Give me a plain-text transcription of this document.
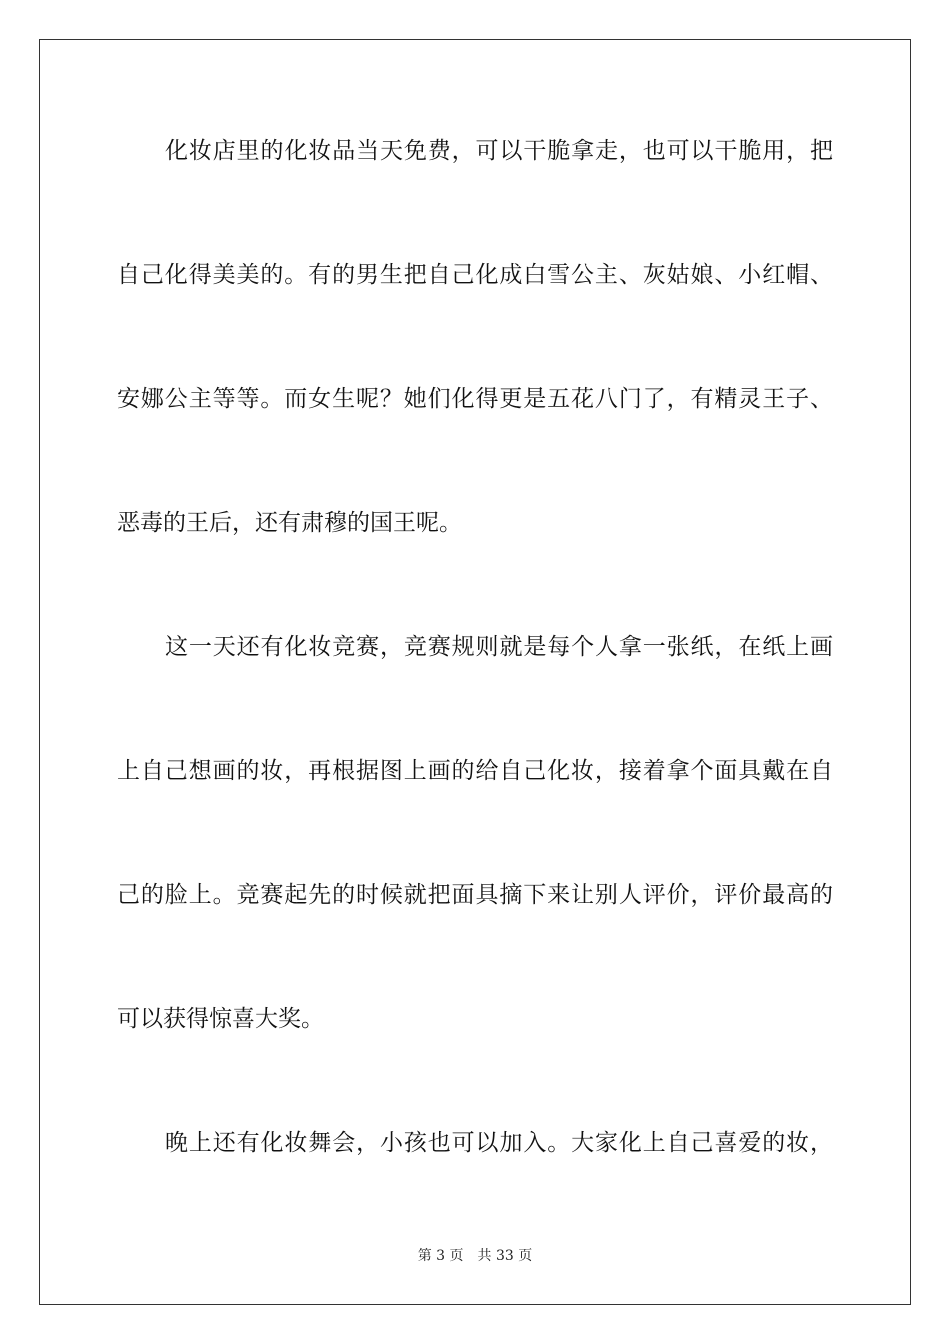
化妆店里的化妆品当天免费，可以干脆拿走，也可以干脆用，把
自己化得美美的。有的男生把自己化成白雪公主、灰姑娘、小红帽、
安娜公主等等。而女生呢？她们化得更是五花八门了，有精灵王子、
恶毒的王后，还有肃穆的国王呢。
这一天还有化妆竞赛，竞赛规则就是每个人拿一张纸，在纸上画
上自己想画的妆，再根据图上画的给自己化妆，接着拿个面具戴在自
己的脸上。竞赛起先的时候就把面具摘下来让别人评价，评价最高的
可以获得惊喜大奖。
晚上还有化妆舞会，小孩也可以加入。大家化上自己喜爱的妆，
第 3 页 共 33 页
